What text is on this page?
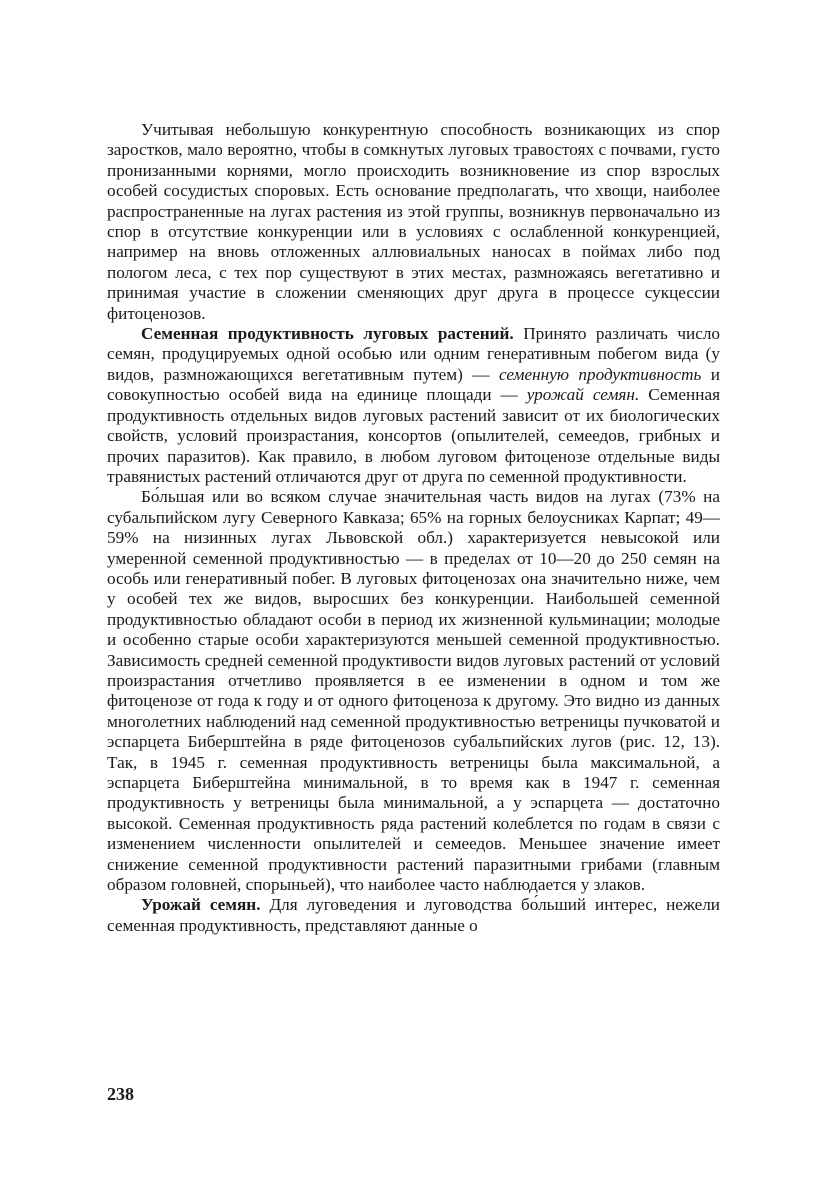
Учитывая небольшую конкурентную способность возникающих из спор заростков, мало вероятно, чтобы в сомкнутых луговых травостоях с почвами, густо пронизанными корнями, могло происходить возникновение из спор взрослых особей сосудистых споровых. Есть основание предполагать, что хвощи, наиболее распространенные на лугах растения из этой группы, возникнув первоначально из спор в отсутствие конкуренции или в условиях с ослабленной конкуренцией, например на вновь отложенных аллювиальных наносах в поймах либо под пологом леса, с тех пор существуют в этих местах, размножаясь вегетативно и принимая участие в сложении сменяющих друг друга в процессе сукцессии фитоценозов.

Семенная продуктивность луговых растений. Принято различать число семян, продуцируемых одной особью или одним генеративным побегом вида (у видов, размножающихся вегетативным путем) — семенную продуктивность и совокупностью особей вида на единице площади — урожай семян. Семенная продуктивность отдельных видов луговых растений зависит от их биологических свойств, условий произрастания, консортов (опылителей, семеедов, грибных и прочих паразитов). Как правило, в любом луговом фитоценозе отдельные виды травянистых растений отличаются друг от друга по семенной продуктивности.

Бо́льшая или во всяком случае значительная часть видов на лугах (73% на субальпийском лугу Северного Кавказа; 65% на горных белоусниках Карпат; 49—59% на низинных лугах Львовской обл.) характеризуется невысокой или умеренной семенной продуктивностью — в пределах от 10—20 до 250 семян на особь или генеративный побег. В луговых фитоценозах она значительно ниже, чем у особей тех же видов, выросших без конкуренции. Наибольшей семенной продуктивностью обладают особи в период их жизненной кульминации; молодые и особенно старые особи характеризуются меньшей семенной продуктивностью. Зависимость средней семенной продуктивости видов луговых растений от условий произрастания отчетливо проявляется в ее изменении в одном и том же фитоценозе от года к году и от одного фитоценоза к другому. Это видно из данных многолетних наблюдений над семенной продуктивностью ветреницы пучковатой и эспарцета Биберштейна в ряде фитоценозов субальпийских лугов (рис. 12, 13). Так, в 1945 г. семенная продуктивность ветреницы была максимальной, а эспарцета Биберштейна минимальной, в то время как в 1947 г. семенная продуктивность у ветреницы была минимальной, а у эспарцета — достаточно высокой. Семенная продуктивность ряда растений колеблется по годам в связи с изменением численности опылителей и семеедов. Меньшее значение имеет снижение семенной продуктивности растений паразитными грибами (главным образом головней, спорыньей), что наиболее часто наблюдается у злаков.

Урожай семян. Для луговедения и луговодства бо́льший интерес, нежели семенная продуктивность, представляют данные о

238
